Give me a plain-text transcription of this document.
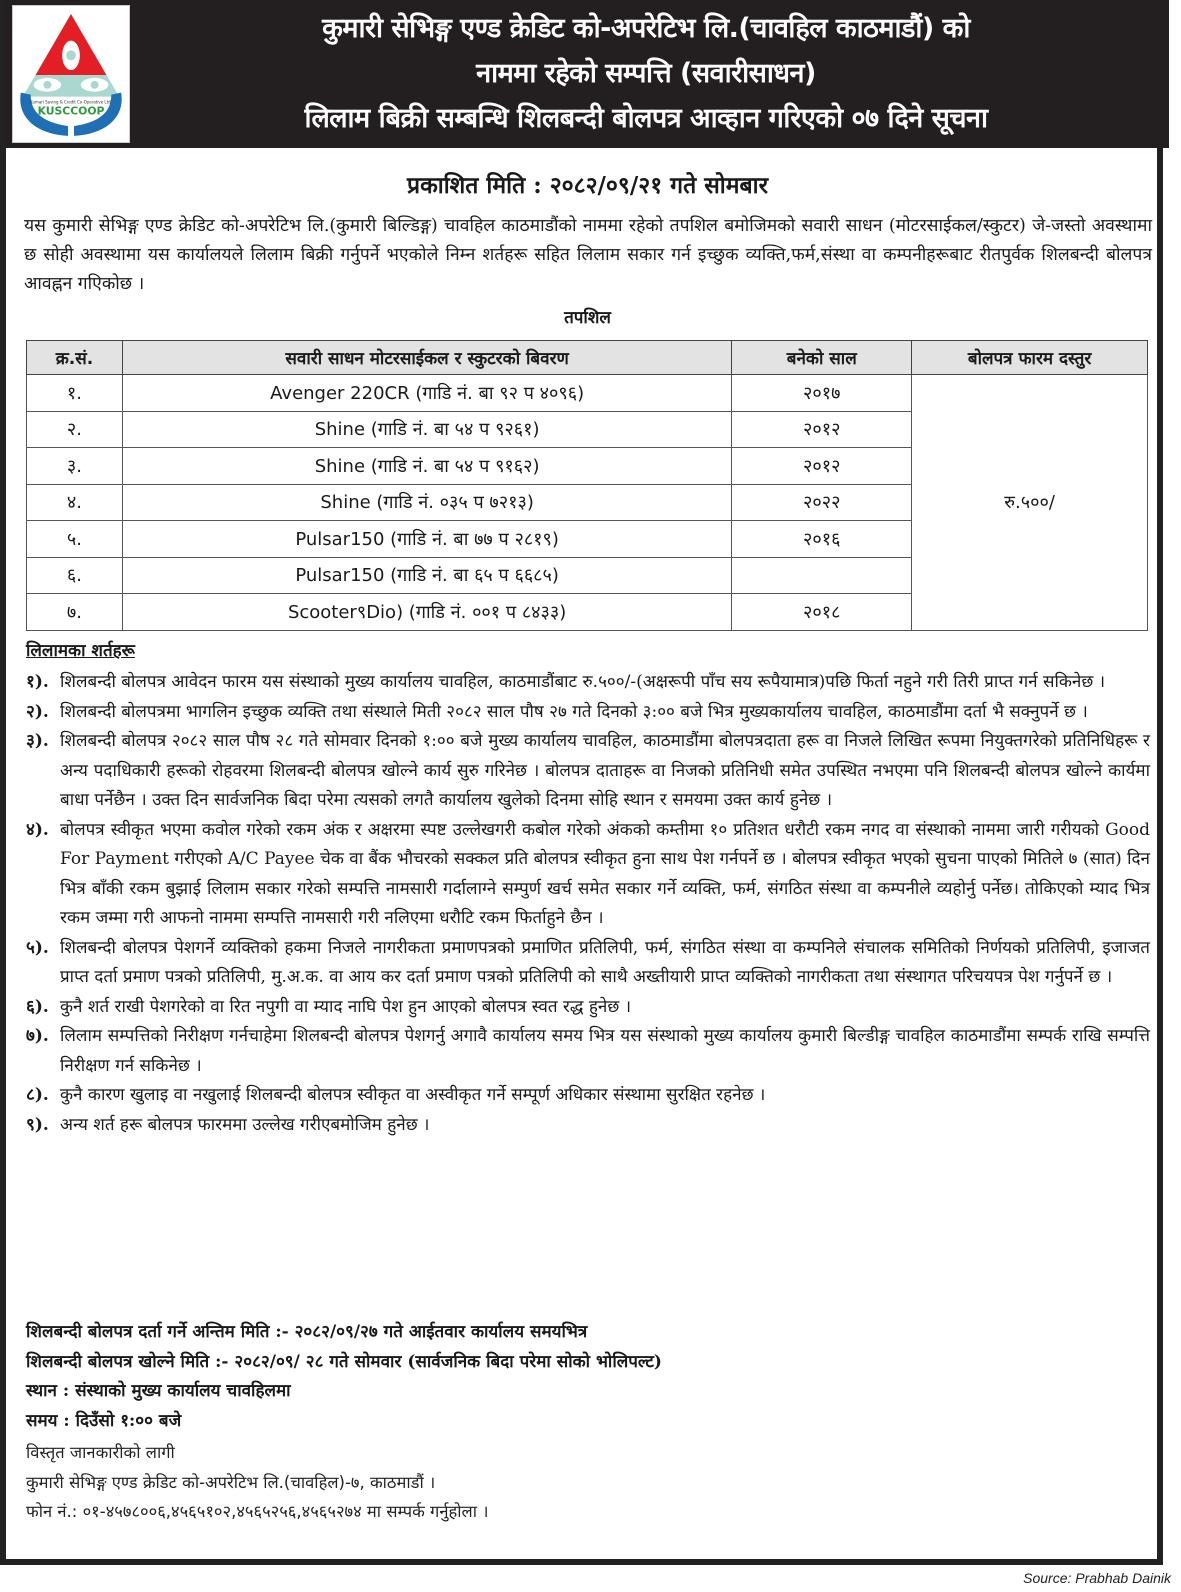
Kumari Saving & Credit Co-Operative Ltd.
KUSCCOOP
कुमारी सेभिङ्ग एण्ड क्रेडिट को-अपरेटिभ लि.(चावहिल काठमाडौं) को
नाममा रहेको सम्पत्ति (सवारीसाधन)
लिलाम बिक्री सम्बन्धि शिलबन्दी बोलपत्र आव्हान गरिएको ०७ दिने सूचना
प्रकाशित मिति : २०८२/०९/२१ गते सोमबार
यस कुमारी सेभिङ्ग एण्ड क्रेडिट को-अपरेटिभ लि.(कुमारी बिल्डिङ्ग) चावहिल काठमाडौंको नाममा रहेको तपशिल बमोजिमको सवारी साधन (मोटरसाईकल/स्कुटर) जे-जस्तो अवस्थामा छ सोही अवस्थामा यस कार्यालयले लिलाम बिक्री गर्नुपर्ने भएकोले निम्न शर्तहरू सहित लिलाम सकार गर्न इच्छुक व्यक्ति,फर्म,संस्था वा कम्पनीहरूबाट रीतपुर्वक शिलबन्दी बोलपत्र आवह्नन गएिकोछ ।
तपशिल
क्र.सं.	सवारी साधन मोटरसाईकल र स्कुटरको बिवरण	बनेको साल	बोलपत्र फारम दस्तुर
१.	Avenger 220CR (गाडि नं. बा ९२ प ४०९६)	२०१७	रु.५००/
२.	Shine (गाडि नं. बा ५४ प ९२६१)	२०१२	
३.	Shine (गाडि नं. बा ५४ प ९१६२)	२०१२	
४.	Shine (गाडि नं. ०३५ प ७२१३)	२०२२	
५.	Pulsar150 (गाडि नं. बा ७७ प २८१९)	२०१६	
६.	Pulsar150 (गाडि नं. बा ६५ प ६६८५)		
७.	Scooter९Dio) (गाडि नं. ००१ प ८४३३)	२०१८	
लिलामका शर्तहरू
१). शिलबन्दी बोलपत्र आवेदन फारम यस संस्थाको मुख्य कार्यालय चावहिल, काठमाडौंबाट रु.५००/-(अक्षरूपी पाँच सय रूपैयामात्र)पछि फिर्ता नहुने गरी तिरी प्राप्त गर्न सकिनेछ ।
२). शिलबन्दी बोलपत्रमा भागलिन इच्छुक व्यक्ति तथा संस्थाले मिती २०८२ साल पौष २७ गते दिनको ३:०० बजे भित्र मुख्यकार्यालय चावहिल, काठमाडौंमा दर्ता भै सक्नुपर्ने छ ।
३). शिलबन्दी बोलपत्र २०८२ साल पौष २८ गते सोमवार दिनको १:०० बजे मुख्य कार्यालय चावहिल, काठमाडौंमा बोलपत्रदाता हरू वा निजले लिखित रूपमा नियुक्तगरेको प्रतिनिधिहरू र अन्य पदाधिकारी हरूको रोहवरमा शिलबन्दी बोलपत्र खोल्ने कार्य सुरु गरिनेछ । बोलपत्र दाताहरू वा निजको प्रतिनिधी समेत उपस्थित नभएमा पनि शिलबन्दी बोलपत्र खोल्ने कार्यमा बाधा पर्नेछैन । उक्त दिन सार्वजनिक बिदा परेमा त्यसको लगतै कार्यालय खुलेको दिनमा सोहि स्थान र समयमा उक्त कार्य हुनेछ ।
४). बोलपत्र स्वीकृत भएमा कवोल गरेको रकम अंक र अक्षरमा स्पष्ट उल्लेखगरी कबोल गरेको अंकको कम्तीमा १० प्रतिशत धरौटी रकम नगद वा संस्थाको नाममा जारी गरीयको Good For Payment गरीएको A/C Payee चेक वा बैंक भौचरको सक्कल प्रति बोलपत्र स्वीकृत हुना साथ पेश गर्नपर्ने छ । बोलपत्र स्वीकृत भएको सुचना पाएको मितिले ७ (सात) दिन भित्र बाँकी रकम बुझाई लिलाम सकार गरेको सम्पत्ति नामसारी गर्दालाग्ने सम्पुर्ण खर्च समेत सकार गर्ने व्यक्ति, फर्म, संगठित संस्था वा कम्पनीले व्यहोर्नु पर्नेछ। तोकिएको म्याद भित्र रकम जम्मा गरी आफनो नाममा सम्पत्ति नामसारी गरी नलिएमा धरौटि रकम फिर्ताहुने छैन ।
५). शिलबन्दी बोलपत्र पेशगर्ने व्यक्तिको हकमा निजले नागरीकता प्रमाणपत्रको प्रमाणित प्रतिलिपी, फर्म, संगठित संस्था वा कम्पनिले संचालक समितिको निर्णयको प्रतिलिपी, इजाजत प्राप्त दर्ता प्रमाण पत्रको प्रतिलिपी, मु.अ.क. वा आय कर दर्ता प्रमाण पत्रको प्रतिलिपी को साथै अख्तीयारी प्राप्त व्यक्तिको नागरीकता तथा संस्थागत परिचयपत्र पेश गर्नुपर्ने छ ।
६). कुनै शर्त राखी पेशगरेको वा रित नपुगी वा म्याद नाघि पेश हुन आएको बोलपत्र स्वत रद्ध हुनेछ ।
७). लिलाम सम्पत्तिको निरीक्षण गर्नचाहेमा शिलबन्दी बोलपत्र पेशगर्नु अगावै कार्यालय समय भित्र यस संस्थाको मुख्य कार्यालय कुमारी बिल्डीङ्ग चावहिल काठमाडौंमा सम्पर्क राखि सम्पत्ति निरीक्षण गर्न सकिनेछ ।
८). कुनै कारण खुलाइ वा नखुलाई शिलबन्दी बोलपत्र स्वीकृत वा अस्वीकृत गर्ने सम्पूर्ण अधिकार संस्थामा सुरक्षित रहनेछ ।
९). अन्य शर्त हरू बोलपत्र फारममा उल्लेख गरीएबमोजिम हुनेछ ।
शिलबन्दी बोलपत्र दर्ता गर्ने अन्तिम मिति :- २०८२/०९/२७ गते आईतवार कार्यालय समयभित्र
शिलबन्दी बोलपत्र खोल्ने मिति :- २०८२/०९/ २८ गते सोमवार (सार्वजनिक बिदा परेमा सोको भोलिपल्ट)
स्थान : संस्थाको मुख्य कार्यालय चावहिलमा
समय : दिउँसो १:०० बजे
विस्तृत जानकारीको लागी
कुमारी सेभिङ्ग एण्ड क्रेडिट को-अपरेटिभ लि.(चावहिल)-७, काठमाडौं ।
फोन नं.: ०१-४५७८००६,४५६५१०२,४५६५२५६,४५६५२७४ मा सम्पर्क गर्नुहोला ।
Source: Prabhab Dainik
